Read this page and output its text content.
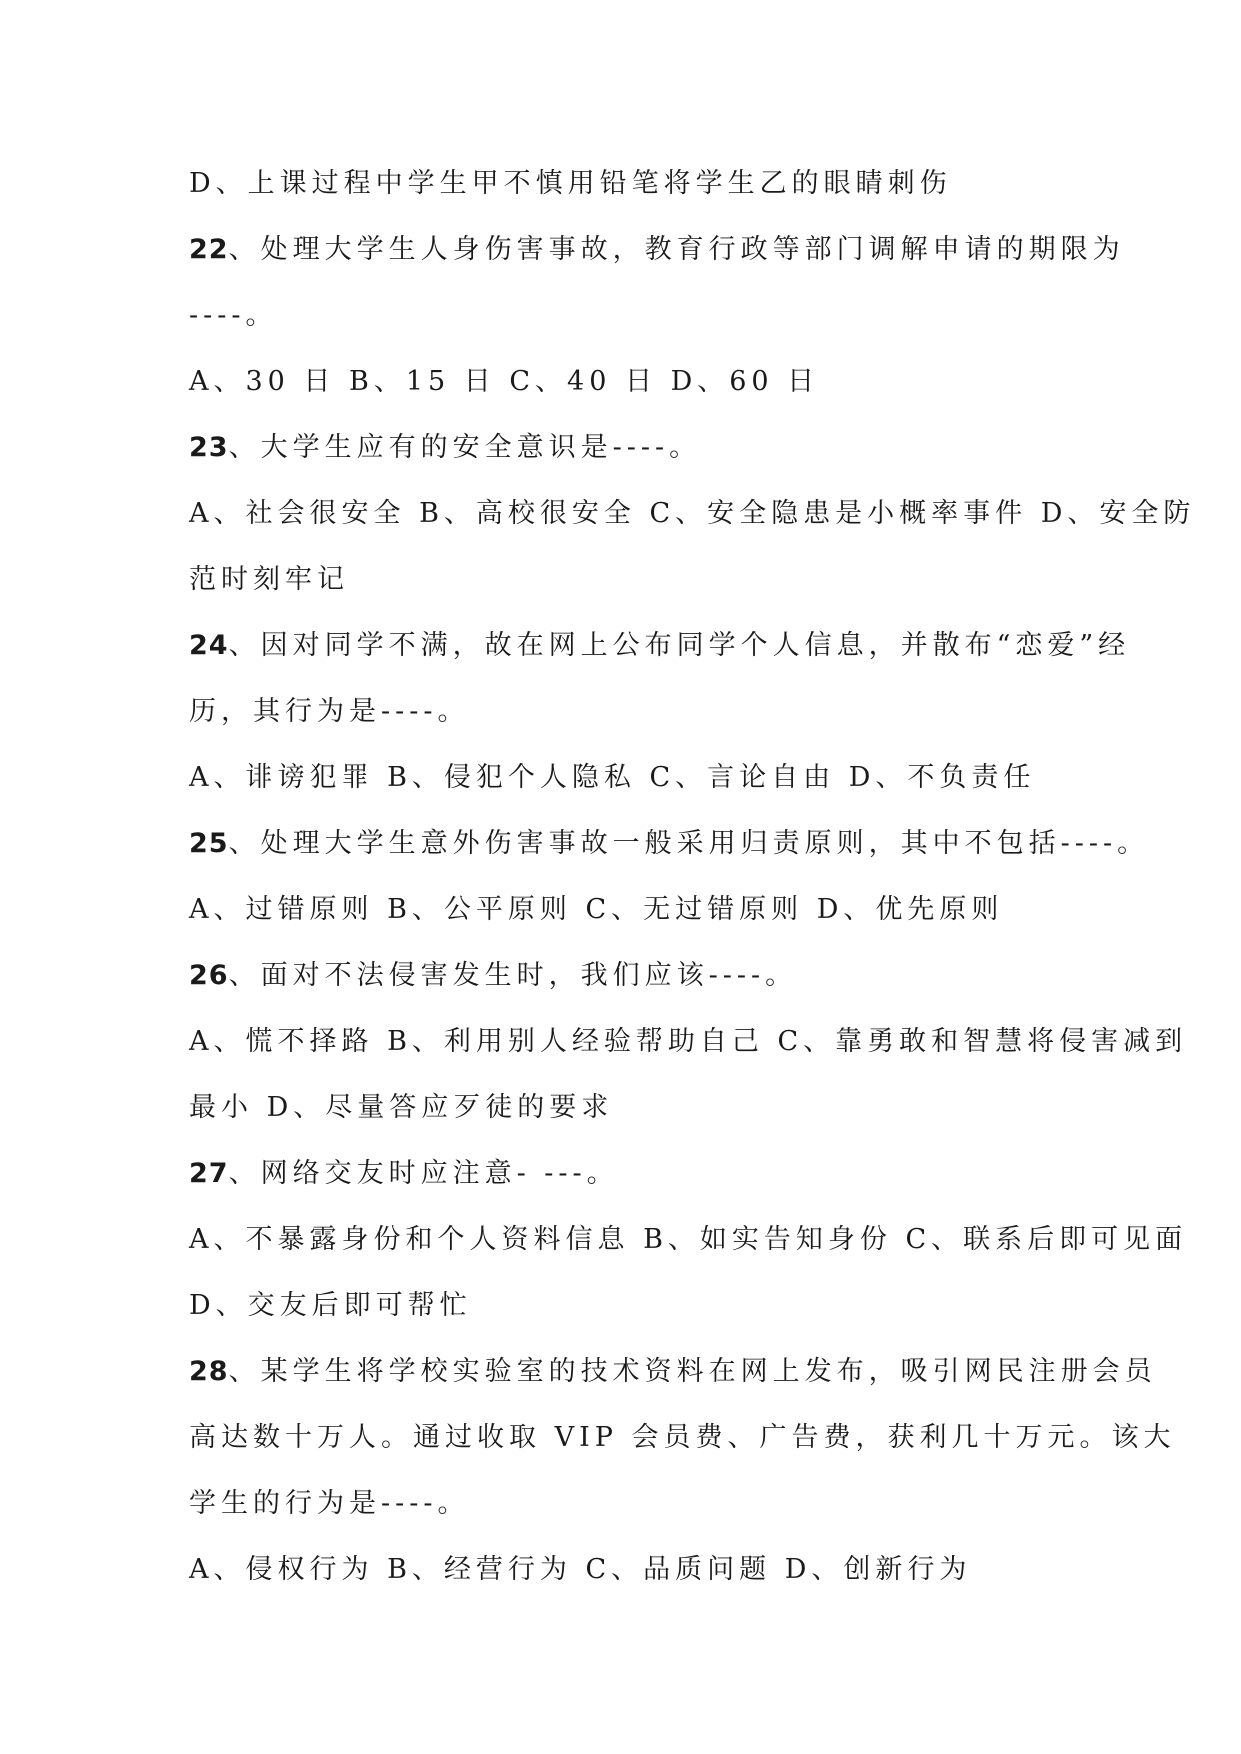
D、上课过程中学生甲不慎用铅笔将学生乙的眼睛刺伤
22、处理大学生人身伤害事故，教育行政等部门调解申请的期限为
----。
A、30 日 B、15 日 C、40 日 D、60 日
23、大学生应有的安全意识是----。
A、社会很安全 B、高校很安全 C、安全隐患是小概率事件 D、安全防
范时刻牢记
24、因对同学不满，故在网上公布同学个人信息，并散布“恋爱”经
历，其行为是----。
A、诽谤犯罪 B、侵犯个人隐私 C、言论自由 D、不负责任
25、处理大学生意外伤害事故一般采用归责原则，其中不包括----。
A、过错原则 B、公平原则 C、无过错原则 D、优先原则
26、面对不法侵害发生时，我们应该----。
A、慌不择路 B、利用别人经验帮助自己 C、靠勇敢和智慧将侵害减到
最小 D、尽量答应歹徒的要求
27、网络交友时应注意- ---。
A、不暴露身份和个人资料信息 B、如实告知身份 C、联系后即可见面
D、交友后即可帮忙
28、某学生将学校实验室的技术资料在网上发布，吸引网民注册会员
高达数十万人。通过收取 VIP 会员费、广告费，获利几十万元。该大
学生的行为是----。
A、侵权行为 B、经营行为 C、品质问题 D、创新行为
